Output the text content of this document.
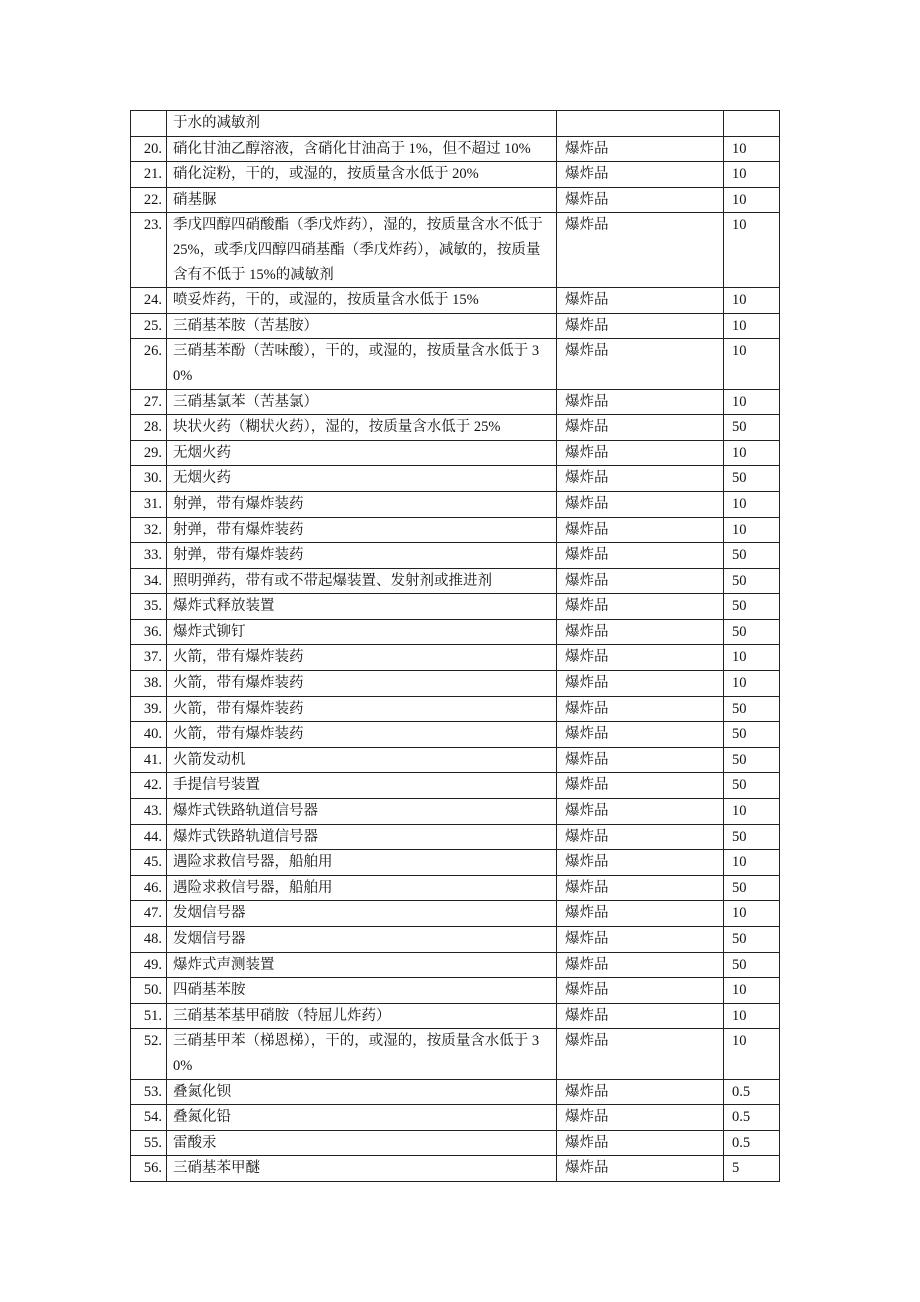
	于水的减敏剂		
20.	硝化甘油乙醇溶液，含硝化甘油高于 1%，但不超过 10%	爆炸品	10
21.	硝化淀粉，干的，或湿的，按质量含水低于 20%	爆炸品	10
22.	硝基脲	爆炸品	10
23.	季戊四醇四硝酸酯（季戊炸药），湿的，按质量含水不低于 25%，或季戊四醇四硝基酯（季戊炸药），减敏的，按质量含有不低于 15%的减敏剂	爆炸品	10
24.	喷妥炸药，干的，或湿的，按质量含水低于 15%	爆炸品	10
25.	三硝基苯胺（苦基胺）	爆炸品	10
26.	三硝基苯酚（苦味酸），干的，或湿的，按质量含水低于 30%	爆炸品	10
27.	三硝基氯苯（苦基氯）	爆炸品	10
28.	块状火药（糊状火药），湿的，按质量含水低于 25%	爆炸品	50
29.	无烟火药	爆炸品	10
30.	无烟火药	爆炸品	50
31.	射弹，带有爆炸装药	爆炸品	10
32.	射弹，带有爆炸装药	爆炸品	10
33.	射弹，带有爆炸装药	爆炸品	50
34.	照明弹药，带有或不带起爆装置、发射剂或推进剂	爆炸品	50
35.	爆炸式释放装置	爆炸品	50
36.	爆炸式铆钉	爆炸品	50
37.	火箭，带有爆炸装药	爆炸品	10
38.	火箭，带有爆炸装药	爆炸品	10
39.	火箭，带有爆炸装药	爆炸品	50
40.	火箭，带有爆炸装药	爆炸品	50
41.	火箭发动机	爆炸品	50
42.	手提信号装置	爆炸品	50
43.	爆炸式铁路轨道信号器	爆炸品	10
44.	爆炸式铁路轨道信号器	爆炸品	50
45.	遇险求救信号器，船舶用	爆炸品	10
46.	遇险求救信号器，船舶用	爆炸品	50
47.	发烟信号器	爆炸品	10
48.	发烟信号器	爆炸品	50
49.	爆炸式声测装置	爆炸品	50
50.	四硝基苯胺	爆炸品	10
51.	三硝基苯基甲硝胺（特屈儿炸药）	爆炸品	10
52.	三硝基甲苯（梯恩梯），干的，或湿的，按质量含水低于 30%	爆炸品	10
53.	叠氮化钡	爆炸品	0.5
54.	叠氮化铅	爆炸品	0.5
55.	雷酸汞	爆炸品	0.5
56.	三硝基苯甲醚	爆炸品	5
